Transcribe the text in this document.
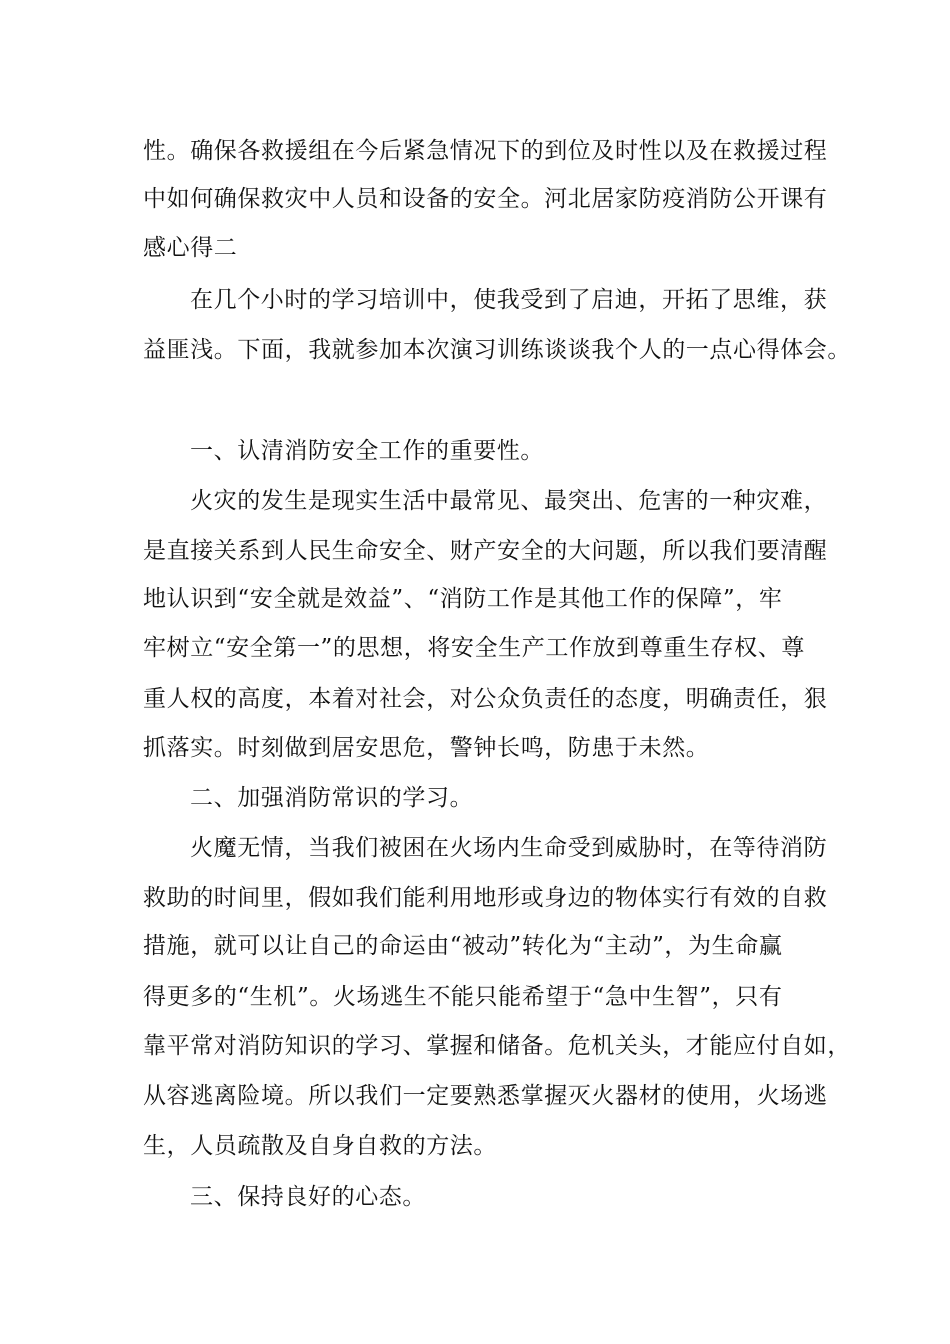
性。确保各救援组在今后紧急情况下的到位及时性以及在救援过程
中如何确保救灾中人员和设备的安全。河北居家防疫消防公开课有
感心得二
在几个小时的学习培训中，使我受到了启迪，开拓了思维，获
益匪浅。下面，我就参加本次演习训练谈谈我个人的一点心得体会。
一、认清消防安全工作的重要性。
火灾的发生是现实生活中最常见、最突出、危害的一种灾难，
是直接关系到人民生命安全、财产安全的大问题，所以我们要清醒
地认识到“安全就是效益”、“消防工作是其他工作的保障”，牢
牢树立“安全第一”的思想，将安全生产工作放到尊重生存权、尊
重人权的高度，本着对社会，对公众负责任的态度，明确责任，狠
抓落实。时刻做到居安思危，警钟长鸣，防患于未然。
二、加强消防常识的学习。
火魔无情，当我们被困在火场内生命受到威胁时，在等待消防
救助的时间里，假如我们能利用地形或身边的物体实行有效的自救
措施，就可以让自己的命运由“被动”转化为“主动”，为生命赢
得更多的“生机”。火场逃生不能只能希望于“急中生智”，只有
靠平常对消防知识的学习、掌握和储备。危机关头，才能应付自如，
从容逃离险境。所以我们一定要熟悉掌握灭火器材的使用，火场逃
生，人员疏散及自身自救的方法。
三、保持良好的心态。
